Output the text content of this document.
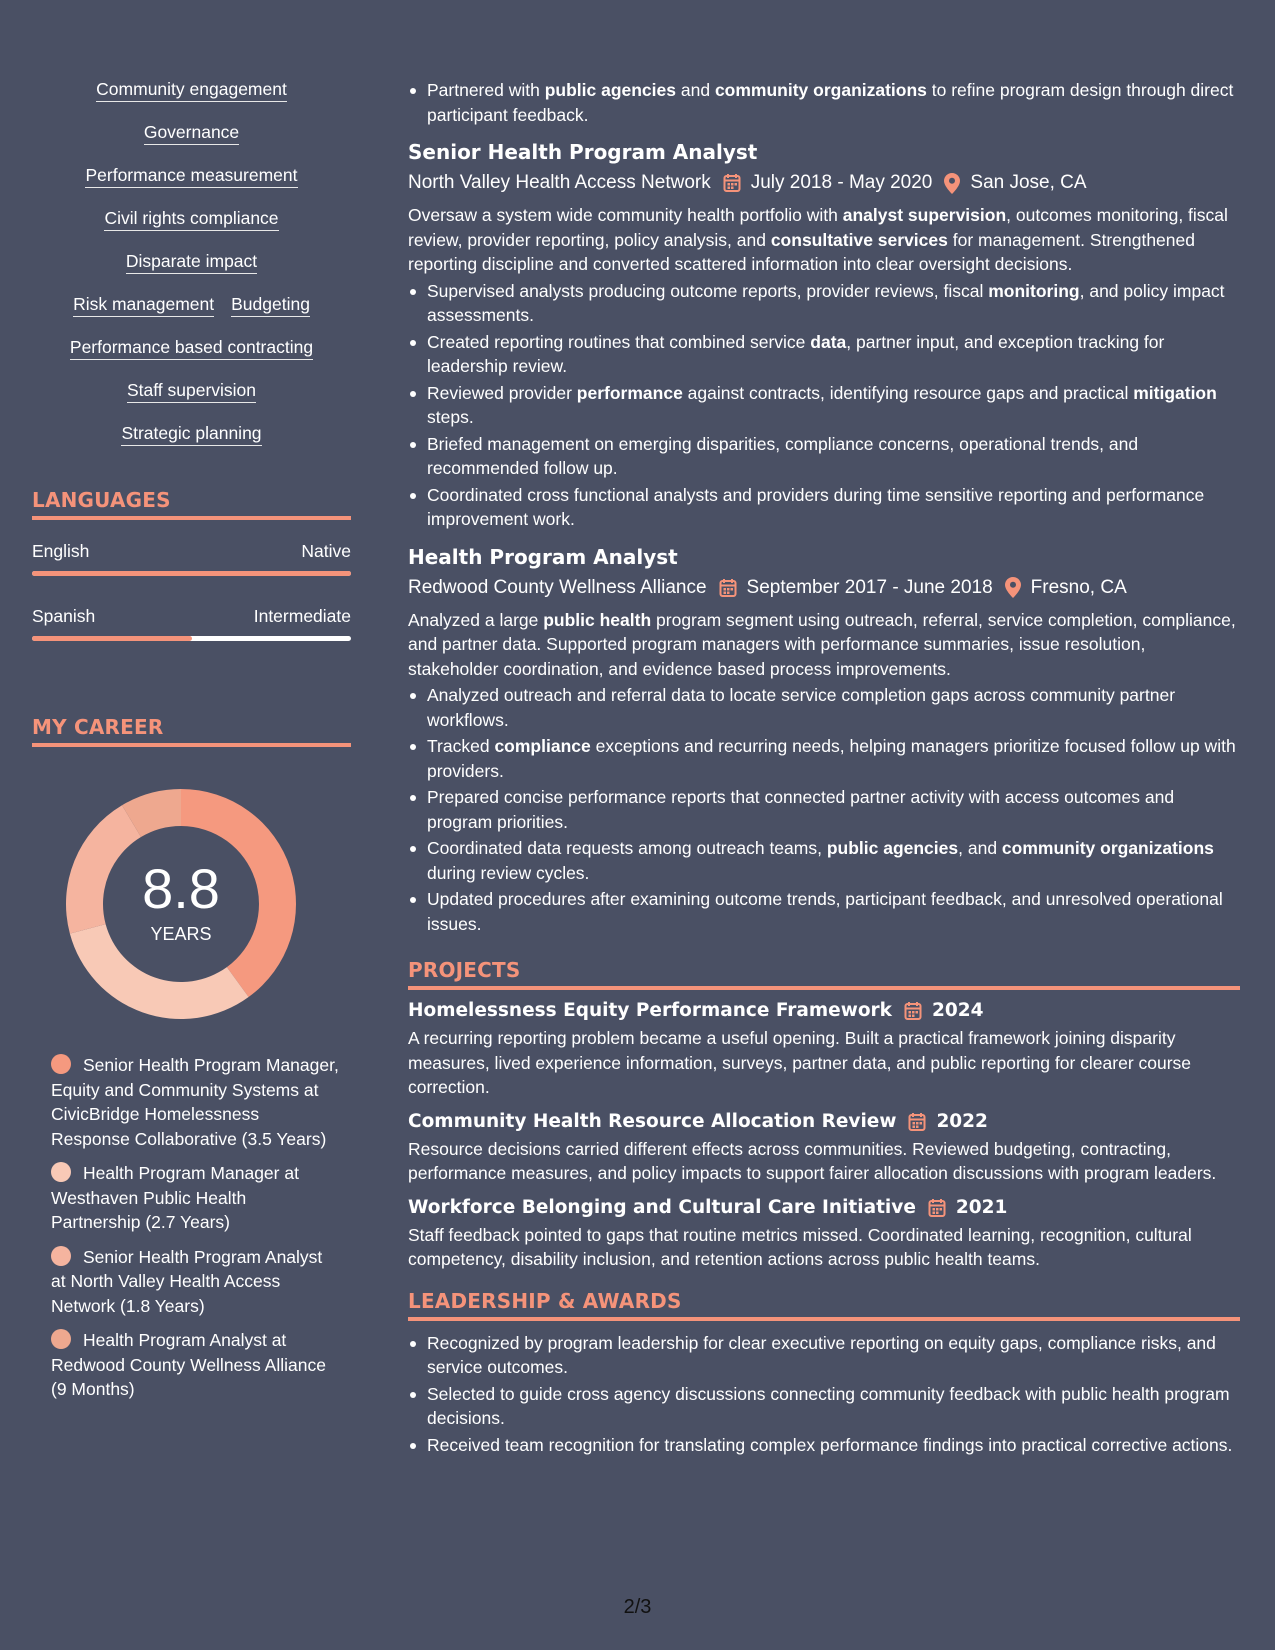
Community engagement
Governance
Performance measurement
Civil rights compliance
Disparate impact
Risk management Budgeting
Performance based contracting
Staff supervision
Strategic planning
LANGUAGES
English	Native
Spanish	Intermediate
MY CAREER
8.8
YEARS
Senior Health Program Manager, Equity and Community Systems at CivicBridge Homelessness Response Collaborative (3.5 Years)
Health Program Manager at Westhaven Public Health Partnership (2.7 Years)
Senior Health Program Analyst at North Valley Health Access Network (1.8 Years)
Health Program Analyst at Redwood County Wellness Alliance (9 Months)
Partnered with public agencies and community organizations to refine program design through direct participant feedback.
Senior Health Program Analyst
North Valley Health Access Network July 2018 - May 2020 San Jose, CA
Oversaw a system wide community health portfolio with analyst supervision, outcomes monitoring, fiscal review, provider reporting, policy analysis, and consultative services for management. Strengthened reporting discipline and converted scattered information into clear oversight decisions.
Supervised analysts producing outcome reports, provider reviews, fiscal monitoring, and policy impact assessments.
Created reporting routines that combined service data, partner input, and exception tracking for leadership review.
Reviewed provider performance against contracts, identifying resource gaps and practical mitigation steps.
Briefed management on emerging disparities, compliance concerns, operational trends, and recommended follow up.
Coordinated cross functional analysts and providers during time sensitive reporting and performance improvement work.
Health Program Analyst
Redwood County Wellness Alliance September 2017 - June 2018 Fresno, CA
Analyzed a large public health program segment using outreach, referral, service completion, compliance, and partner data. Supported program managers with performance summaries, issue resolution, stakeholder coordination, and evidence based process improvements.
Analyzed outreach and referral data to locate service completion gaps across community partner workflows.
Tracked compliance exceptions and recurring needs, helping managers prioritize focused follow up with providers.
Prepared concise performance reports that connected partner activity with access outcomes and program priorities.
Coordinated data requests among outreach teams, public agencies, and community organizations during review cycles.
Updated procedures after examining outcome trends, participant feedback, and unresolved operational issues.
PROJECTS
Homelessness Equity Performance Framework 2024
A recurring reporting problem became a useful opening. Built a practical framework joining disparity measures, lived experience information, surveys, partner data, and public reporting for clearer course correction.
Community Health Resource Allocation Review 2022
Resource decisions carried different effects across communities. Reviewed budgeting, contracting, performance measures, and policy impacts to support fairer allocation discussions with program leaders.
Workforce Belonging and Cultural Care Initiative 2021
Staff feedback pointed to gaps that routine metrics missed. Coordinated learning, recognition, cultural competency, disability inclusion, and retention actions across public health teams.
LEADERSHIP & AWARDS
Recognized by program leadership for clear executive reporting on equity gaps, compliance risks, and service outcomes.
Selected to guide cross agency discussions connecting community feedback with public health program decisions.
Received team recognition for translating complex performance findings into practical corrective actions.
2/3
